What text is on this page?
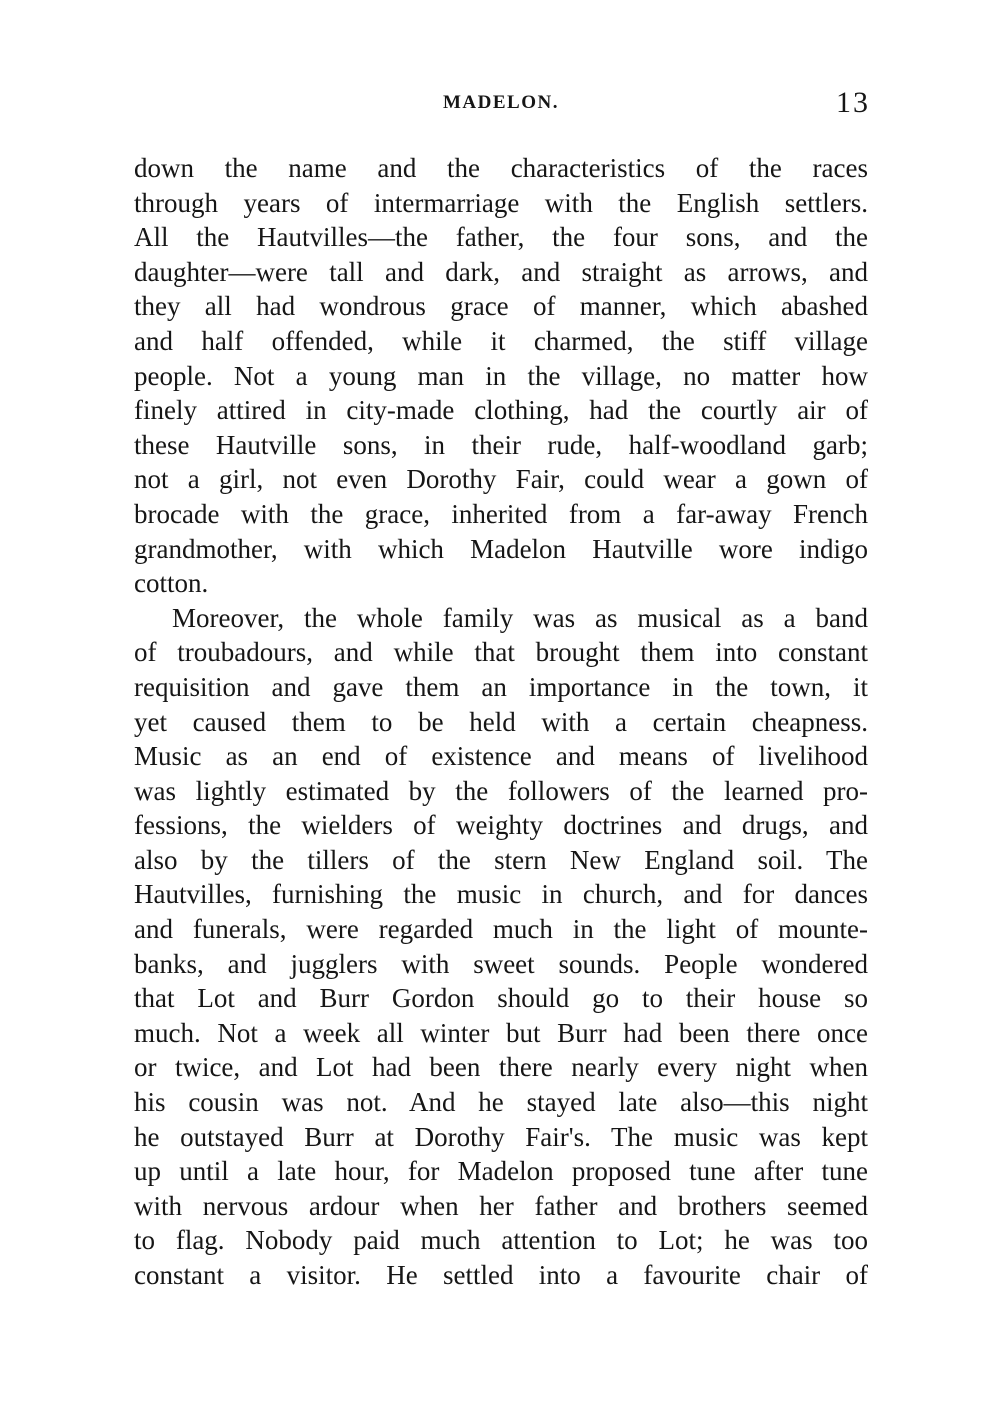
MADELON.	13
down the name and the characteristics of the races
through years of intermarriage with the English settlers.
All the Hautvilles—the father, the four sons, and the
daughter—were tall and dark, and straight as arrows, and
they all had wondrous grace of manner, which abashed
and half offended, while it charmed, the stiff village
people. Not a young man in the village, no matter how
finely attired in city-made clothing, had the courtly air of
these Hautville sons, in their rude, half-woodland garb;
not a girl, not even Dorothy Fair, could wear a gown of
brocade with the grace, inherited from a far-away French
grandmother, with which Madelon Hautville wore indigo
cotton.
Moreover, the whole family was as musical as a band
of troubadours, and while that brought them into constant
requisition and gave them an importance in the town, it
yet caused them to be held with a certain cheapness.
Music as an end of existence and means of livelihood
was lightly estimated by the followers of the learned pro-
fessions, the wielders of weighty doctrines and drugs, and
also by the tillers of the stern New England soil. The
Hautvilles, furnishing the music in church, and for dances
and funerals, were regarded much in the light of mounte-
banks, and jugglers with sweet sounds. People wondered
that Lot and Burr Gordon should go to their house so
much. Not a week all winter but Burr had been there once
or twice, and Lot had been there nearly every night when
his cousin was not. And he stayed late also—this night
he outstayed Burr at Dorothy Fair's. The music was kept
up until a late hour, for Madelon proposed tune after tune
with nervous ardour when her father and brothers seemed
to flag. Nobody paid much attention to Lot; he was too
constant a visitor. He settled into a favourite chair of
